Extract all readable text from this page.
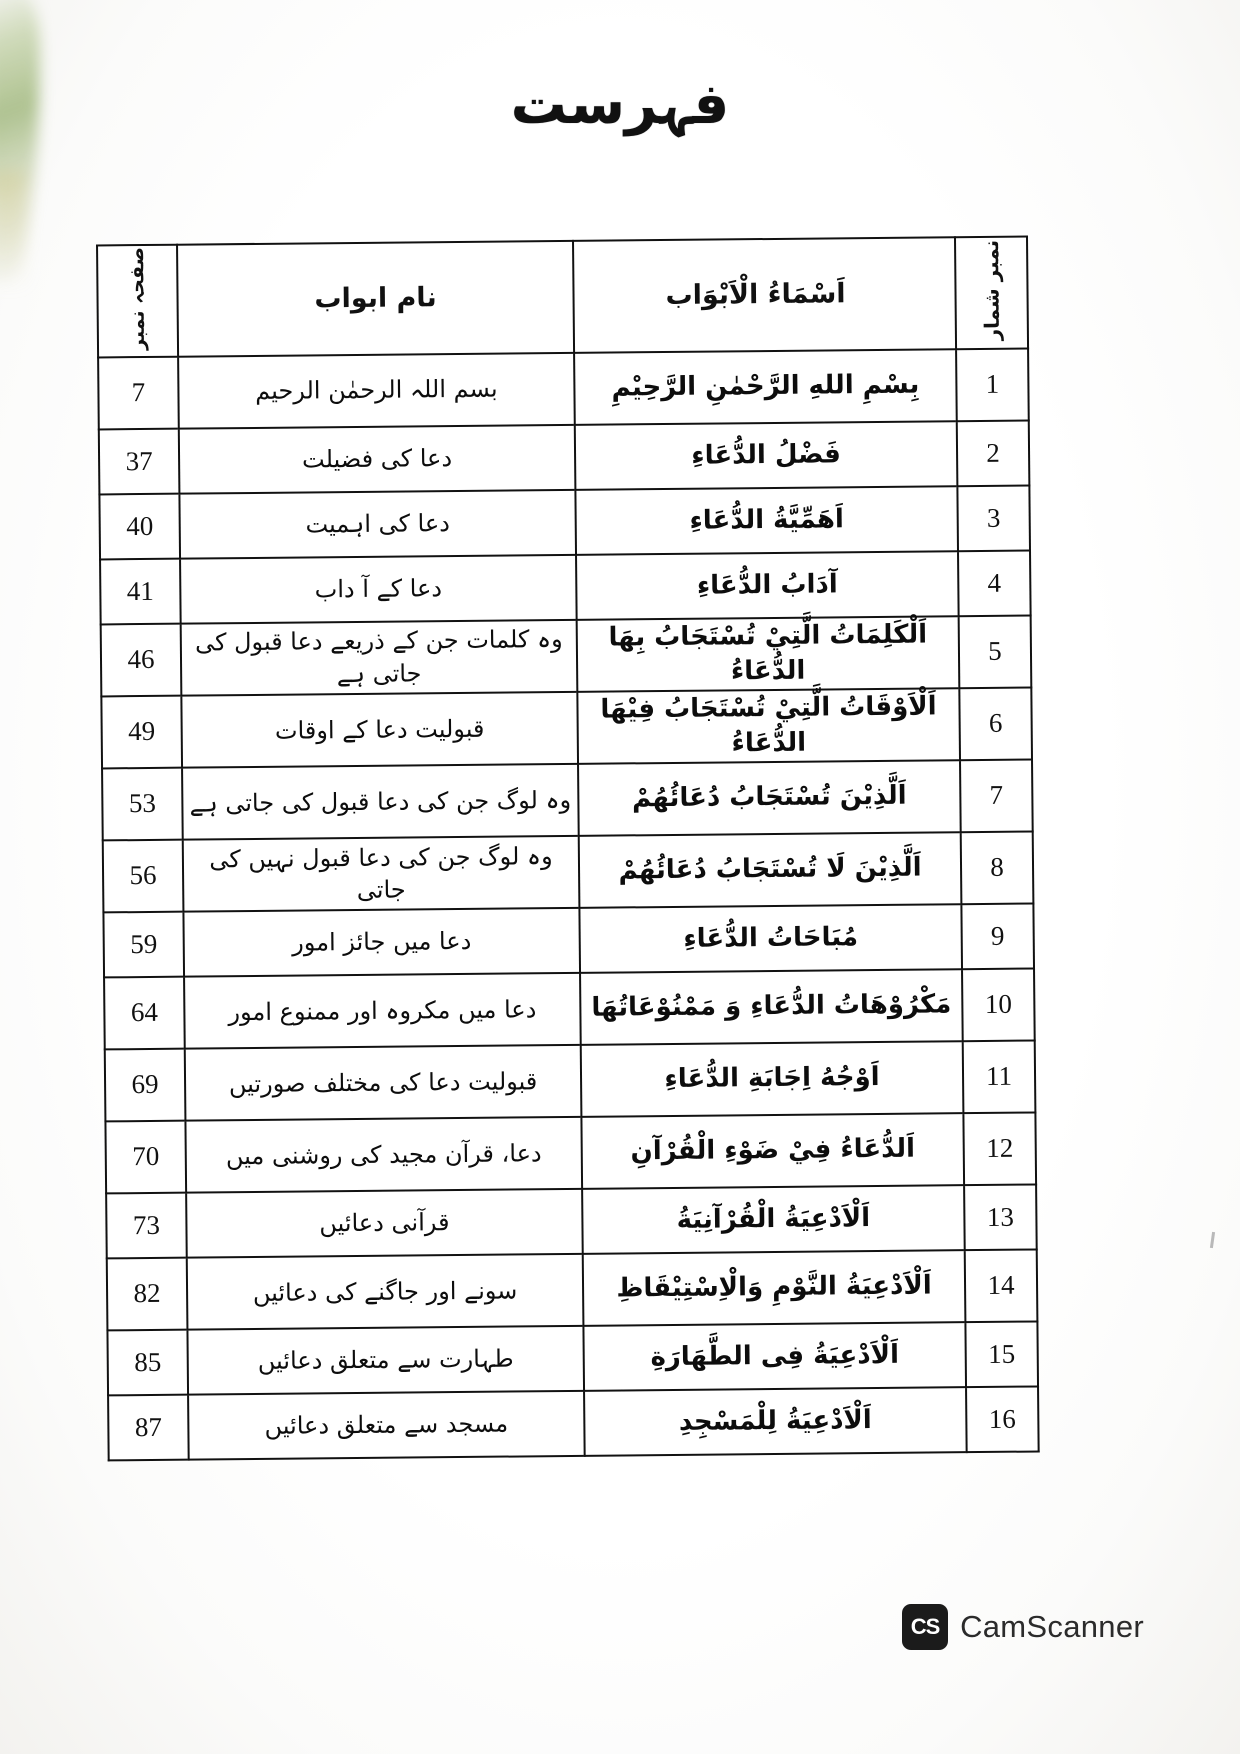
فہرست
نمبر شمار	اَسْمَاءُ الْاَبْوَاب	نام ابواب	صفحہ نمبر
1	بِسْمِ اللهِ الرَّحْمٰنِ الرَّحِيْمِ	بسم اللہ الرحمٰن الرحیم	7
2	فَضْلُ الدُّعَاءِ	دعا کی فضیلت	37
3	اَهَمِّيَّةُ الدُّعَاءِ	دعا کی اہمیت	40
4	آدَابُ الدُّعَاءِ	دعا کے آ داب	41
5	اَلْكَلِمَاتُ الَّتِيْ تُسْتَجَابُ بِهَا الدُّعَاءُ	وہ کلمات جن کے ذریعے دعا قبول کی جاتی ہے	46
6	اَلْاَوْقَاتُ الَّتِيْ تُسْتَجَابُ فِيْهَا الدُّعَاءُ	قبولیت دعا کے اوقات	49
7	اَلَّذِيْنَ تُسْتَجَابُ دُعَائُهُمْ	وہ لوگ جن کی دعا قبول کی جاتی ہے	53
8	اَلَّذِيْنَ لَا تُسْتَجَابُ دُعَائُهُمْ	وہ لوگ جن کی دعا قبول نہیں کی جاتی	56
9	مُبَاحَاتُ الدُّعَاءِ	دعا میں جائز امور	59
10	مَكْرُوْهَاتُ الدُّعَاءِ وَ مَمْنُوْعَاتُهَا	دعا میں مکروہ اور ممنوع امور	64
11	اَوْجُهُ اِجَابَةِ الدُّعَاءِ	قبولیت دعا کی مختلف صورتیں	69
12	اَلدُّعَاءُ فِيْ ضَوْءِ الْقُرْآنِ	دعا، قرآن مجید کی روشنی میں	70
13	اَلْاَدْعِيَةُ الْقُرْآنِيَةُ	قرآنی دعائیں	73
14	اَلْاَدْعِيَةُ النَّوْمِ وَالْاِسْتِيْقَاظِ	سونے اور جاگنے کی دعائیں	82
15	اَلْاَدْعِيَةُ فِى الطَّهَارَةِ	طہارت سے متعلق دعائیں	85
16	اَلْاَدْعِيَةُ لِلْمَسْجِدِ	مسجد سے متعلق دعائیں	87
CS CamScanner
